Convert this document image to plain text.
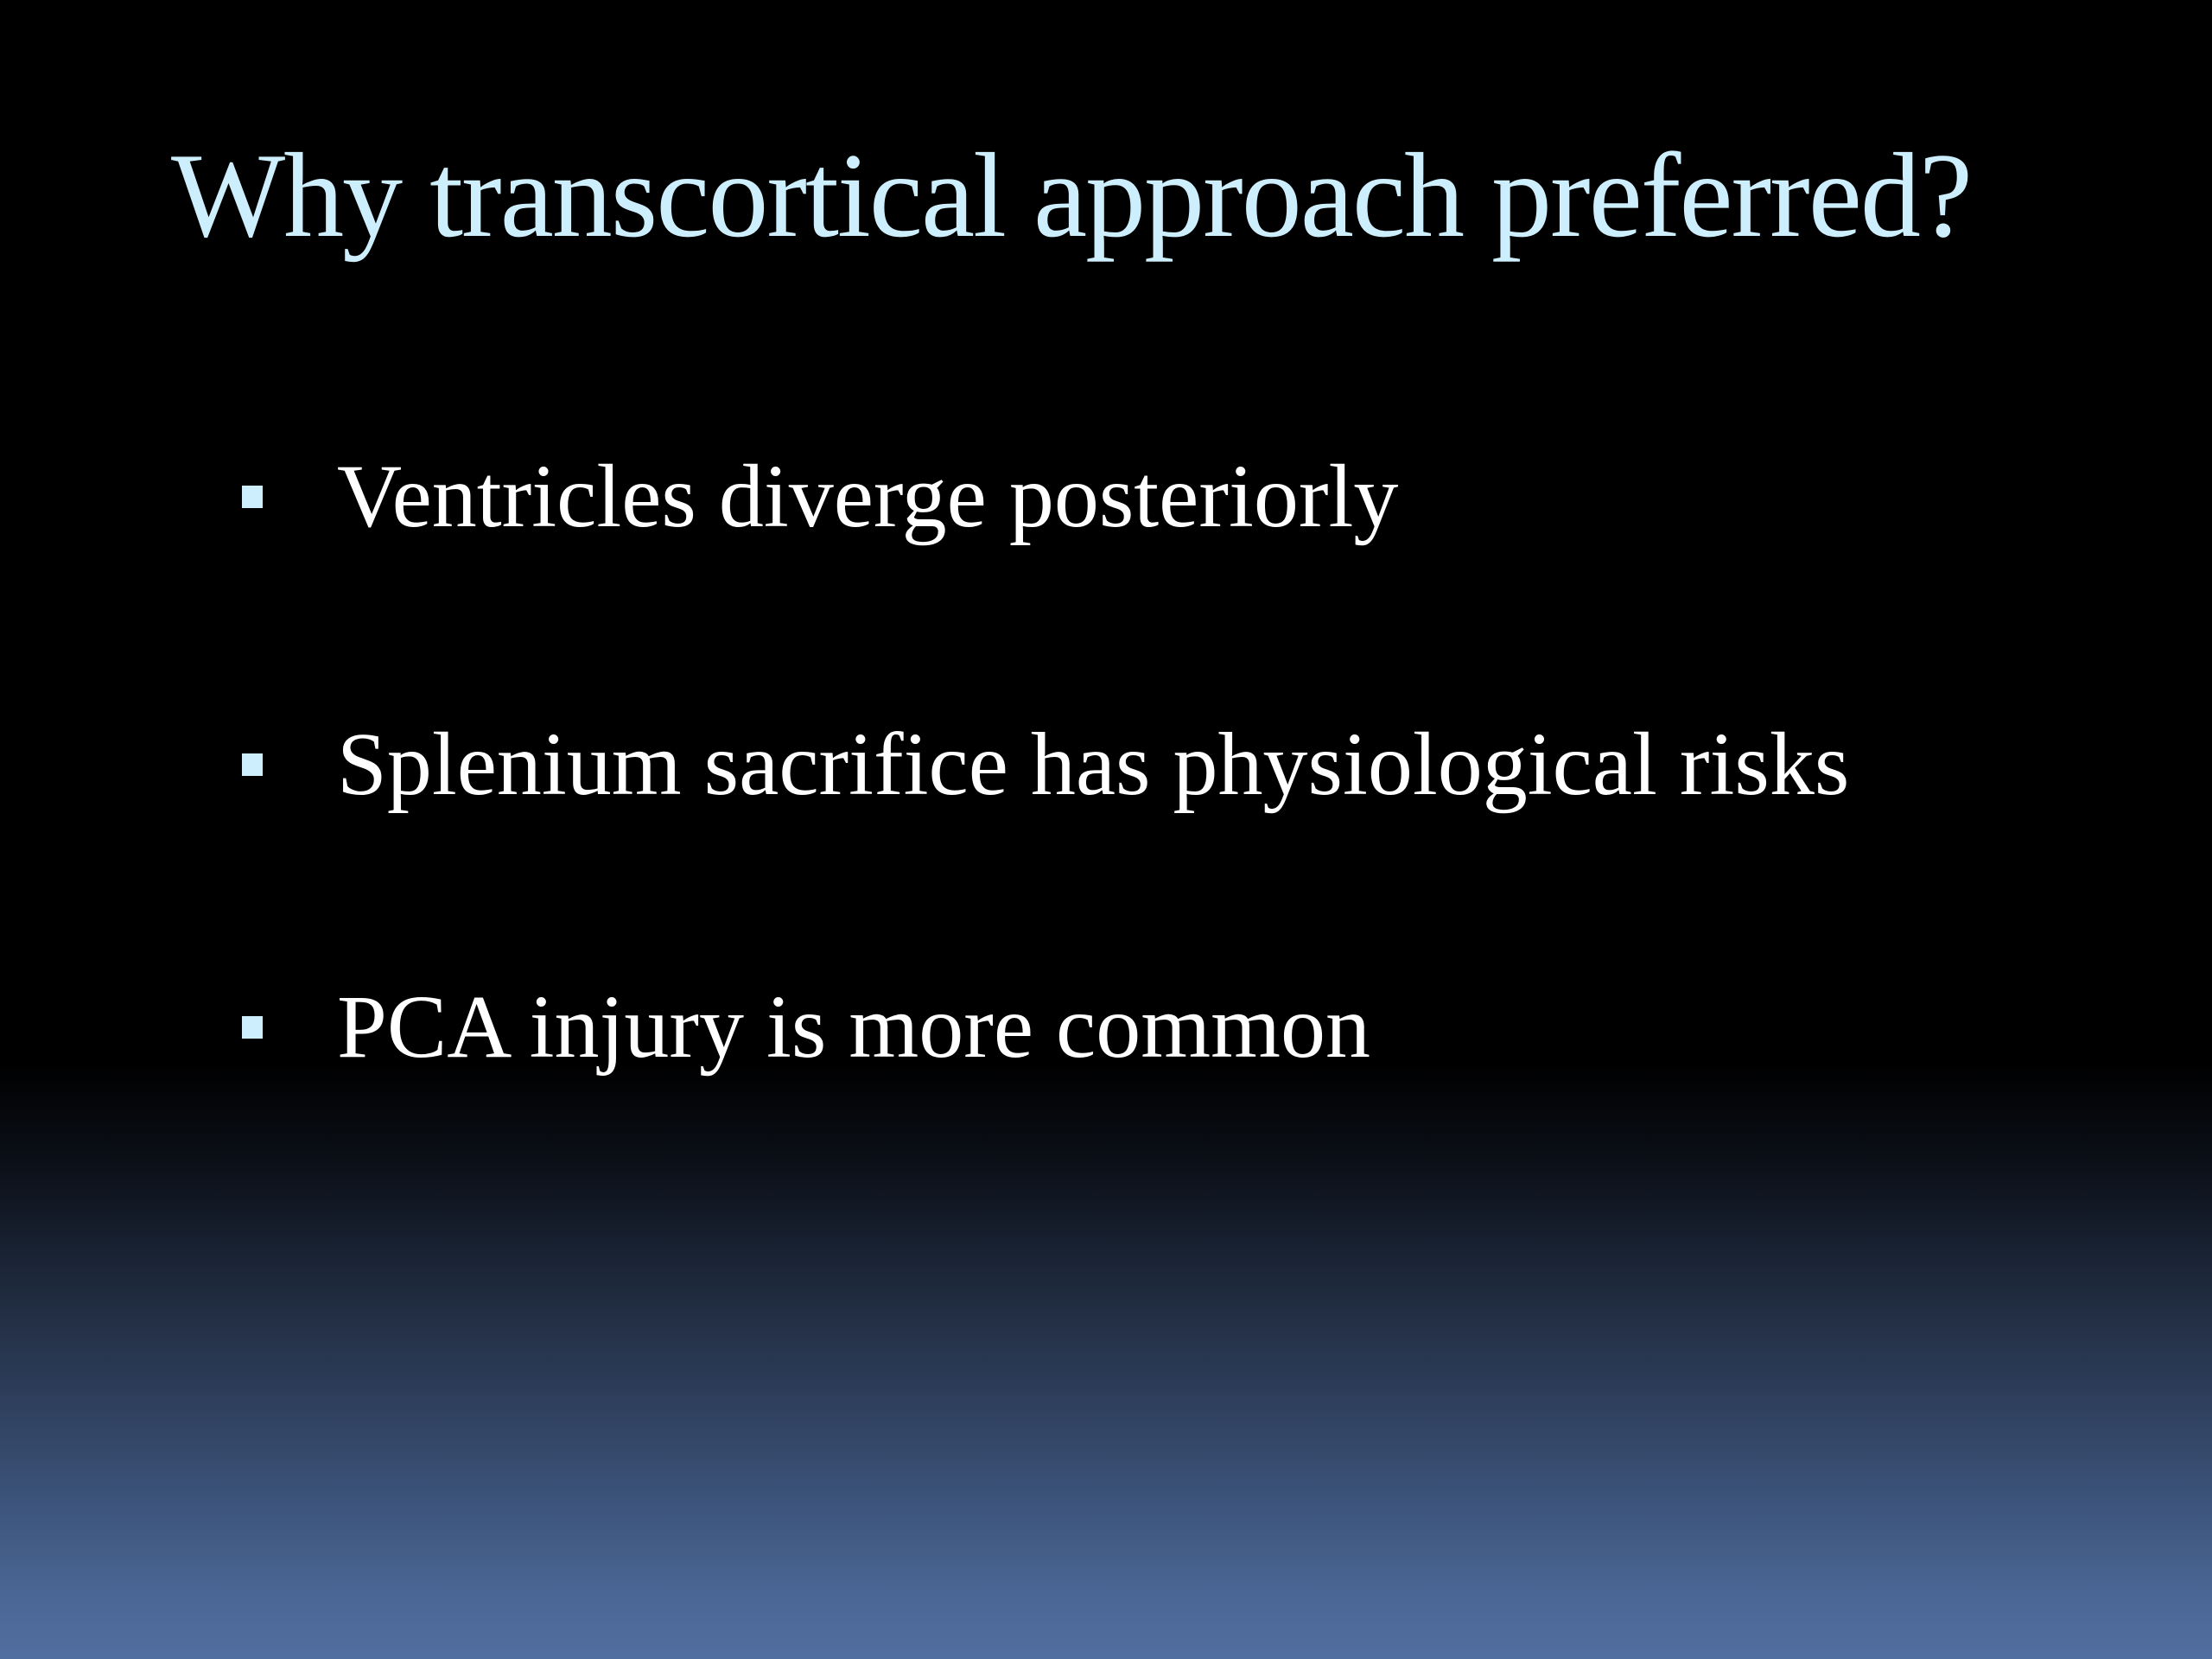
Why transcortical approach preferred?
Ventricles diverge posteriorly
Splenium sacrifice has physiological risks
PCA injury is more common
